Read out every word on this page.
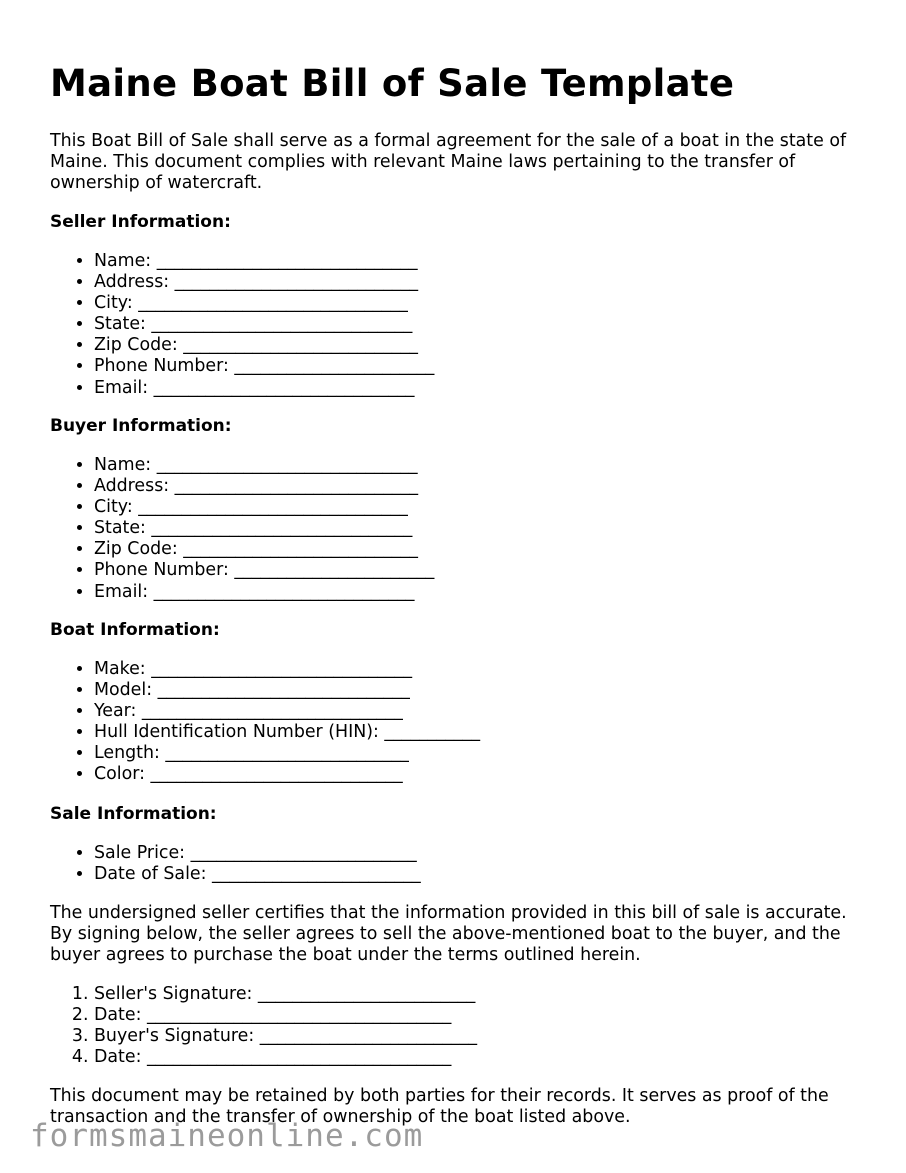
Maine Boat Bill of Sale Template

This Boat Bill of Sale shall serve as a formal agreement for the sale of a boat in the state of Maine. This document complies with relevant Maine laws pertaining to the transfer of ownership of watercraft.

Seller Information:
• Name: ______________________________
• Address: ____________________________
• City: _______________________________
• State: ______________________________
• Zip Code: ___________________________
• Phone Number: _______________________
• Email: ______________________________
Buyer Information:
• Name: ______________________________
• Address: ____________________________
• City: _______________________________
• State: ______________________________
• Zip Code: ___________________________
• Phone Number: _______________________
• Email: ______________________________
Boat Information:
• Make: ______________________________
• Model: _____________________________
• Year: ______________________________
• Hull Identification Number (HIN): ___________
• Length: ____________________________
• Color: _____________________________
Sale Information:
• Sale Price: __________________________
• Date of Sale: ________________________

The undersigned seller certifies that the information provided in this bill of sale is accurate. By signing below, the seller agrees to sell the above-mentioned boat to the buyer, and the buyer agrees to purchase the boat under the terms outlined herein.

1. Seller's Signature: _________________________
2. Date: ___________________________________
3. Buyer's Signature: _________________________
4. Date: ___________________________________

This document may be retained by both parties for their records. It serves as proof of the transaction and the transfer of ownership of the boat listed above.

formsmaineonline.com
